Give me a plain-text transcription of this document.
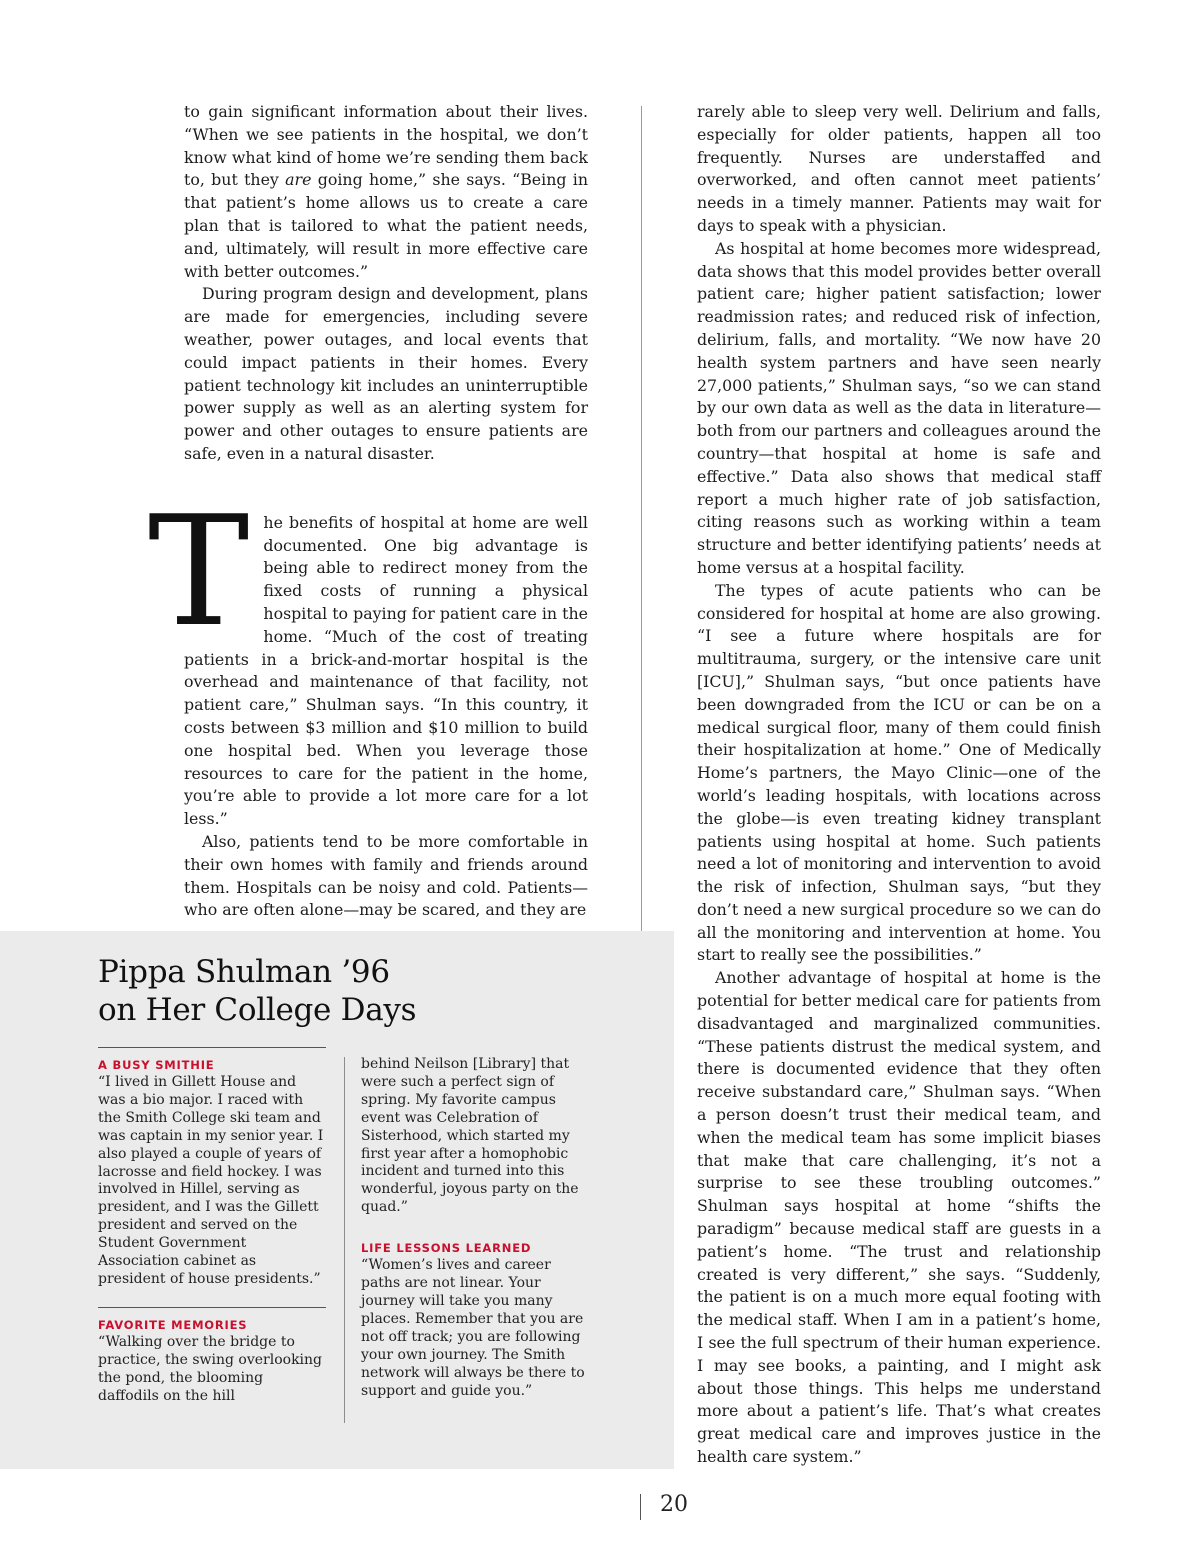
to gain significant information about their lives. “When we see patients in the hospital, we don’t know what kind of home we’re sending them back to, but they are going home,” she says. “Being in that patient’s home allows us to create a care plan that is tailored to what the patient needs, and, ultimately, will result in more effective care with better outcomes.”

During program design and development, plans are made for emergencies, including severe weather, power outages, and local events that could impact patients in their homes. Every patient technology kit includes an uninterruptible power supply as well as an alerting system for power and other outages to ensure patients are safe, even in a natural disaster.

T he benefits of hospital at home are well documented. One big advantage is being able to redirect money from the fixed costs of running a physical hospital to paying for patient care in the home. “Much of the cost of treating patients in a brick-and-mortar hospital is the overhead and maintenance of that facility, not patient care,” Shulman says. “In this country, it costs between $3 million and $10 million to build one hospital bed. When you leverage those resources to care for the patient in the home, you’re able to provide a lot more care for a lot less.”

Also, patients tend to be more comfortable in their own homes with family and friends around them. Hospitals can be noisy and cold. Patients—who are often alone—may be scared, and they are

rarely able to sleep very well. Delirium and falls, especially for older patients, happen all too frequently. Nurses are understaffed and overworked, and often cannot meet patients’ needs in a timely manner. Patients may wait for days to speak with a physician.

As hospital at home becomes more widespread, data shows that this model provides better overall patient care; higher patient satisfaction; lower readmission rates; and reduced risk of infection, delirium, falls, and mortality. “We now have 20 health system partners and have seen nearly 27,000 patients,” Shulman says, “so we can stand by our own data as well as the data in literature—both from our partners and colleagues around the country—that hospital at home is safe and effective.” Data also shows that medical staff report a much higher rate of job satisfaction, citing reasons such as working within a team structure and better identifying patients’ needs at home versus at a hospital facility.

The types of acute patients who can be considered for hospital at home are also growing. “I see a future where hospitals are for multitrauma, surgery, or the intensive care unit [ICU],” Shulman says, “but once patients have been downgraded from the ICU or can be on a medical surgical floor, many of them could finish their hospitalization at home.” One of Medically Home’s partners, the Mayo Clinic—one of the world’s leading hospitals, with locations across the globe—is even treating kidney transplant patients using hospital at home. Such patients need a lot of monitoring and intervention to avoid the risk of infection, Shulman says, “but they don’t need a new surgical procedure so we can do all the monitoring and intervention at home. You start to really see the possibilities.”

Another advantage of hospital at home is the potential for better medical care for patients from disadvantaged and marginalized communities. “These patients distrust the medical system, and there is documented evidence that they often receive substandard care,” Shulman says. “When a person doesn’t trust their medical team, and when the medical team has some implicit biases that make that care challenging, it’s not a surprise to see these troubling outcomes.” Shulman says hospital at home “shifts the paradigm” because medical staff are guests in a patient’s home. “The trust and relationship created is very different,” she says. “Suddenly, the patient is on a much more equal footing with the medical staff. When I am in a patient’s home, I see the full spectrum of their human experience. I may see books, a painting, and I might ask about those things. This helps me understand more about a patient’s life. That’s what creates great medical care and improves justice in the health care system.”

Pippa Shulman ’96
on Her College Days
A BUSY SMITHIE

“I lived in Gillett House and was a bio major. I raced with the Smith College ski team and was captain in my senior year. I also played a couple of years of lacrosse and field hockey. I was involved in Hillel, serving as president, and I was the Gillett president and served on the Student Government Association cabinet as president of house presidents.”

FAVORITE MEMORIES

“Walking over the bridge to practice, the swing overlooking the pond, the blooming daffodils on the hill

behind Neilson [Library] that were such a perfect sign of spring. My favorite campus event was Celebration of Sisterhood, which started my first year after a homophobic incident and turned into this wonderful, joyous party on the quad.”

LIFE LESSONS LEARNED

“Women’s lives and career paths are not linear. Your journey will take you many places. Remember that you are not off track; you are following your own journey. The Smith network will always be there to support and guide you.”

20
